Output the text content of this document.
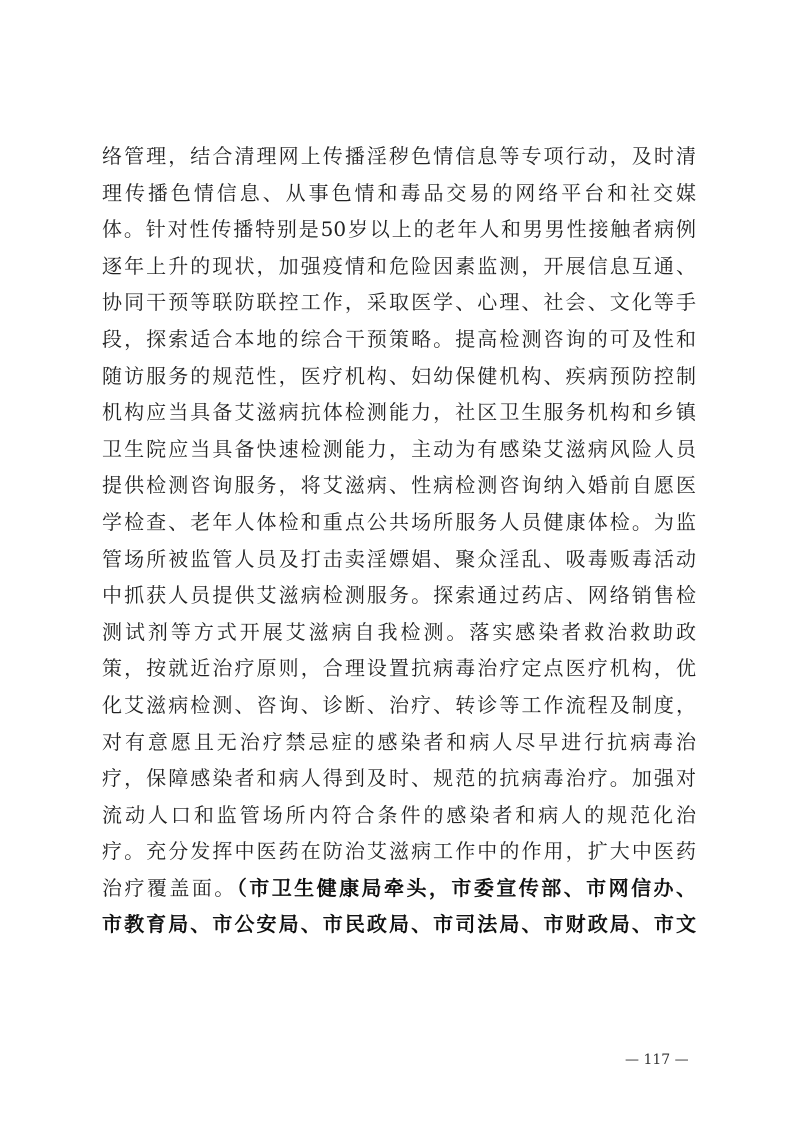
络管理，结合清理网上传播淫秽色情信息等专项行动，及时清
理传播色情信息、从事色情和毒品交易的网络平台和社交媒
体。针对性传播特别是50岁以上的老年人和男男性接触者病例
逐年上升的现状，加强疫情和危险因素监测，开展信息互通、
协同干预等联防联控工作，采取医学、心理、社会、文化等手
段，探索适合本地的综合干预策略。提高检测咨询的可及性和
随访服务的规范性，医疗机构、妇幼保健机构、疾病预防控制
机构应当具备艾滋病抗体检测能力，社区卫生服务机构和乡镇
卫生院应当具备快速检测能力，主动为有感染艾滋病风险人员
提供检测咨询服务，将艾滋病、性病检测咨询纳入婚前自愿医
学检查、老年人体检和重点公共场所服务人员健康体检。为监
管场所被监管人员及打击卖淫嫖娼、聚众淫乱、吸毒贩毒活动
中抓获人员提供艾滋病检测服务。探索通过药店、网络销售检
测试剂等方式开展艾滋病自我检测。落实感染者救治救助政
策，按就近治疗原则，合理设置抗病毒治疗定点医疗机构，优
化艾滋病检测、咨询、诊断、治疗、转诊等工作流程及制度，
对有意愿且无治疗禁忌症的感染者和病人尽早进行抗病毒治
疗，保障感染者和病人得到及时、规范的抗病毒治疗。加强对
流动人口和监管场所内符合条件的感染者和病人的规范化治
疗。充分发挥中医药在防治艾滋病工作中的作用，扩大中医药
治疗覆盖面。（市卫生健康局牵头，市委宣传部、市网信办、
市教育局、市公安局、市民政局、市司法局、市财政局、市文
— 117 —
